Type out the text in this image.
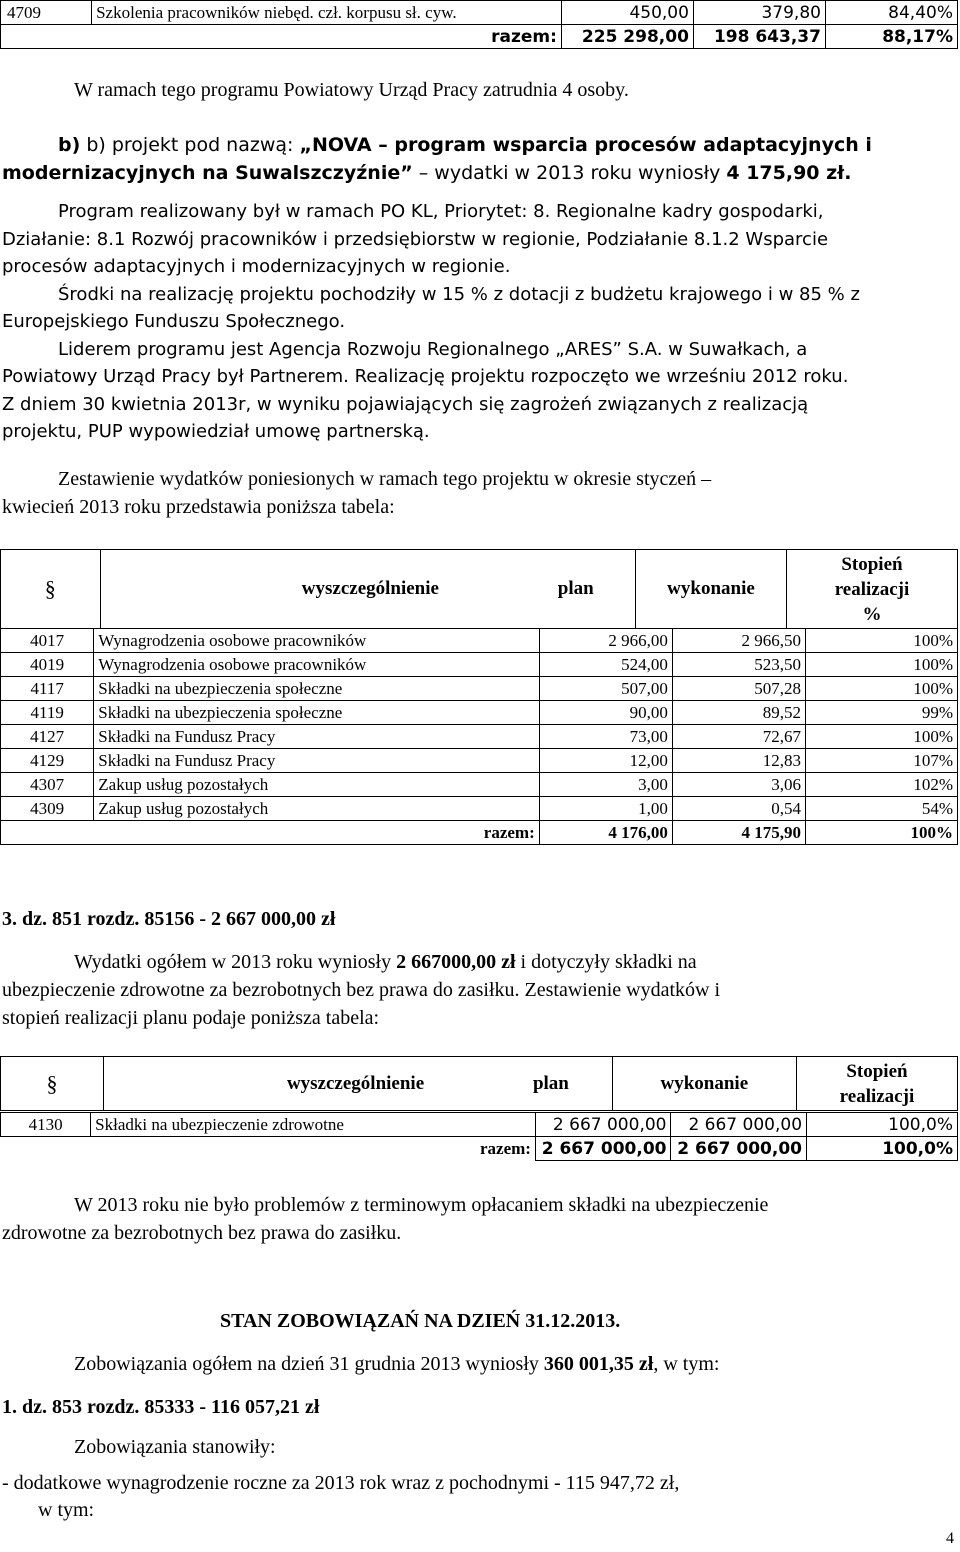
4709	Szkolenia pracowników niebęd. czł. korpusu sł. cyw.	450,00	379,80	84,40%
razem:		225 298,00	198 643,37	88,17%
W ramach tego programu Powiatowy Urząd Pracy zatrudnia 4 osoby.
b) b) projekt pod nazwą: „NOVA – program wsparcia procesów adaptacyjnych i
modernizacyjnych na Suwalszczyźnie” – wydatki w 2013 roku wyniosły 4 175,90 zł.
Program realizowany był w ramach PO KL, Priorytet: 8. Regionalne kadry gospodarki,
Działanie: 8.1 Rozwój pracowników i przedsiębiorstw w regionie, Podziałanie 8.1.2 Wsparcie
procesów adaptacyjnych i modernizacyjnych w regionie.
Środki na realizację projektu pochodziły w 15 % z dotacji z budżetu krajowego i w 85 % z
Europejskiego Funduszu Społecznego.
Liderem programu jest Agencja Rozwoju Regionalnego „ARES” S.A. w Suwałkach, a
Powiatowy Urząd Pracy był Partnerem. Realizację projektu rozpoczęto we wrześniu 2012 roku.
Z dniem 30 kwietnia 2013r, w wyniku pojawiających się zagrożeń związanych z realizacją
projektu, PUP wypowiedział umowę partnerską.
Zestawienie wydatków poniesionych w ramach tego projektu w okresie styczeń –
kwiecień 2013 roku przedstawia poniższa tabela:
§	wyszczególnienie	plan	wykonanie	
Stopień
realizacji
%
4017	Wynagrodzenia osobowe pracowników	2 966,00	2 966,50	100%
4019	Wynagrodzenia osobowe pracowników	524,00	523,50	100%
4117	Składki na ubezpieczenia społeczne	507,00	507,28	100%
4119	Składki na ubezpieczenia społeczne	90,00	89,52	99%
4127	Składki na Fundusz Pracy	73,00	72,67	100%
4129	Składki na Fundusz Pracy	12,00	12,83	107%
4307	Zakup usług pozostałych	3,00	3,06	102%
4309	Zakup usług pozostałych	1,00	0,54	54%
razem:		4 176,00	4 175,90	100%
3. dz. 851 rozdz. 85156 - 2 667 000,00 zł
Wydatki ogółem w 2013 roku wyniosły 2 667000,00 zł i dotyczyły składki na
ubezpieczenie zdrowotne za bezrobotnych bez prawa do zasiłku. Zestawienie wydatków i
stopień realizacji planu podaje poniższa tabela:
§	wyszczególnienie	plan	wykonanie	
Stopień
realizacji
4130	Składki na ubezpieczenie zdrowotne	2 667 000,00	2 667 000,00	100,0%
	razem:	2 667 000,00	2 667 000,00	100,0%
W 2013 roku nie było problemów z terminowym opłacaniem składki na ubezpieczenie
zdrowotne za bezrobotnych bez prawa do zasiłku.
STAN ZOBOWIĄZAŃ NA DZIEŃ 31.12.2013.
Zobowiązania ogółem na dzień 31 grudnia 2013 wyniosły 360 001,35 zł, w tym:
1. dz. 853 rozdz. 85333 - 116 057,21 zł
Zobowiązania stanowiły:
- dodatkowe wynagrodzenie roczne za 2013 rok wraz z pochodnymi - 115 947,72 zł,
w tym:
4
